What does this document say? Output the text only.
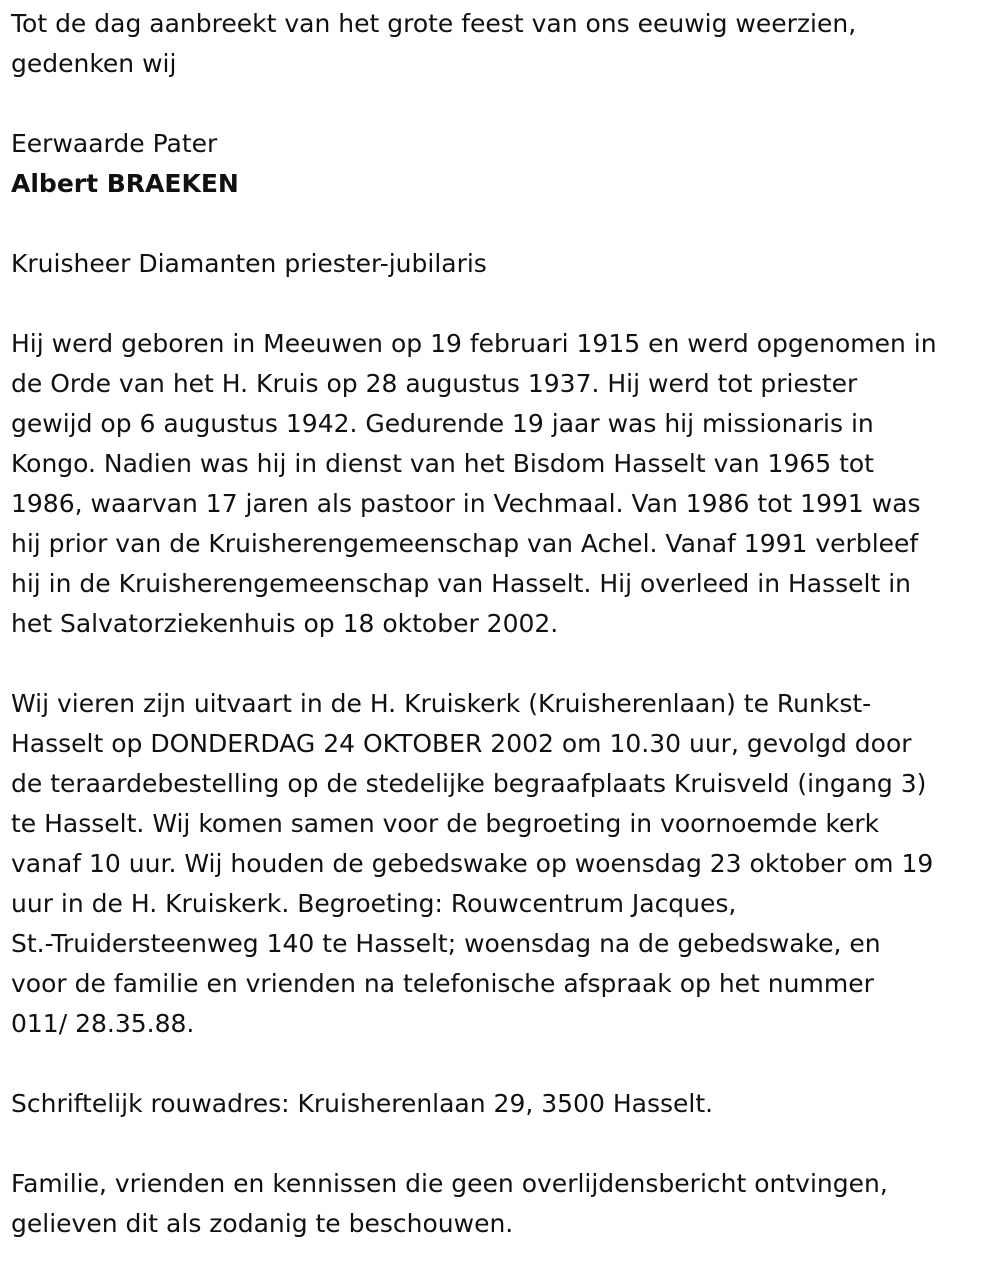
Tot de dag aanbreekt van het grote feest van ons eeuwig weerzien,
gedenken wij

Eerwaarde Pater

Albert BRAEKEN

Kruisheer Diamanten priester-jubilaris

Hij werd geboren in Meeuwen op 19 februari 1915 en werd opgenomen in
de Orde van het H. Kruis op 28 augustus 1937. Hij werd tot priester
gewijd op 6 augustus 1942. Gedurende 19 jaar was hij missionaris in
Kongo. Nadien was hij in dienst van het Bisdom Hasselt van 1965 tot
1986, waarvan 17 jaren als pastoor in Vechmaal. Van 1986 tot 1991 was
hij prior van de Kruisherengemeenschap van Achel. Vanaf 1991 verbleef
hij in de Kruisherengemeenschap van Hasselt. Hij overleed in Hasselt in
het Salvatorziekenhuis op 18 oktober 2002.

Wij vieren zijn uitvaart in de H. Kruiskerk (Kruisherenlaan) te Runkst-
Hasselt op DONDERDAG 24 OKTOBER 2002 om 10.30 uur, gevolgd door
de teraardebestelling op de stedelijke begraafplaats Kruisveld (ingang 3)
te Hasselt. Wij komen samen voor de begroeting in voornoemde kerk
vanaf 10 uur. Wij houden de gebedswake op woensdag 23 oktober om 19
uur in de H. Kruiskerk. Begroeting: Rouwcentrum Jacques,
St.-Truidersteenweg 140 te Hasselt; woensdag na de gebedswake, en
voor de familie en vrienden na telefonische afspraak op het nummer
011/ 28.35.88.

Schriftelijk rouwadres: Kruisherenlaan 29, 3500 Hasselt.

Familie, vrienden en kennissen die geen overlijdensbericht ontvingen,
gelieven dit als zodanig te beschouwen.
